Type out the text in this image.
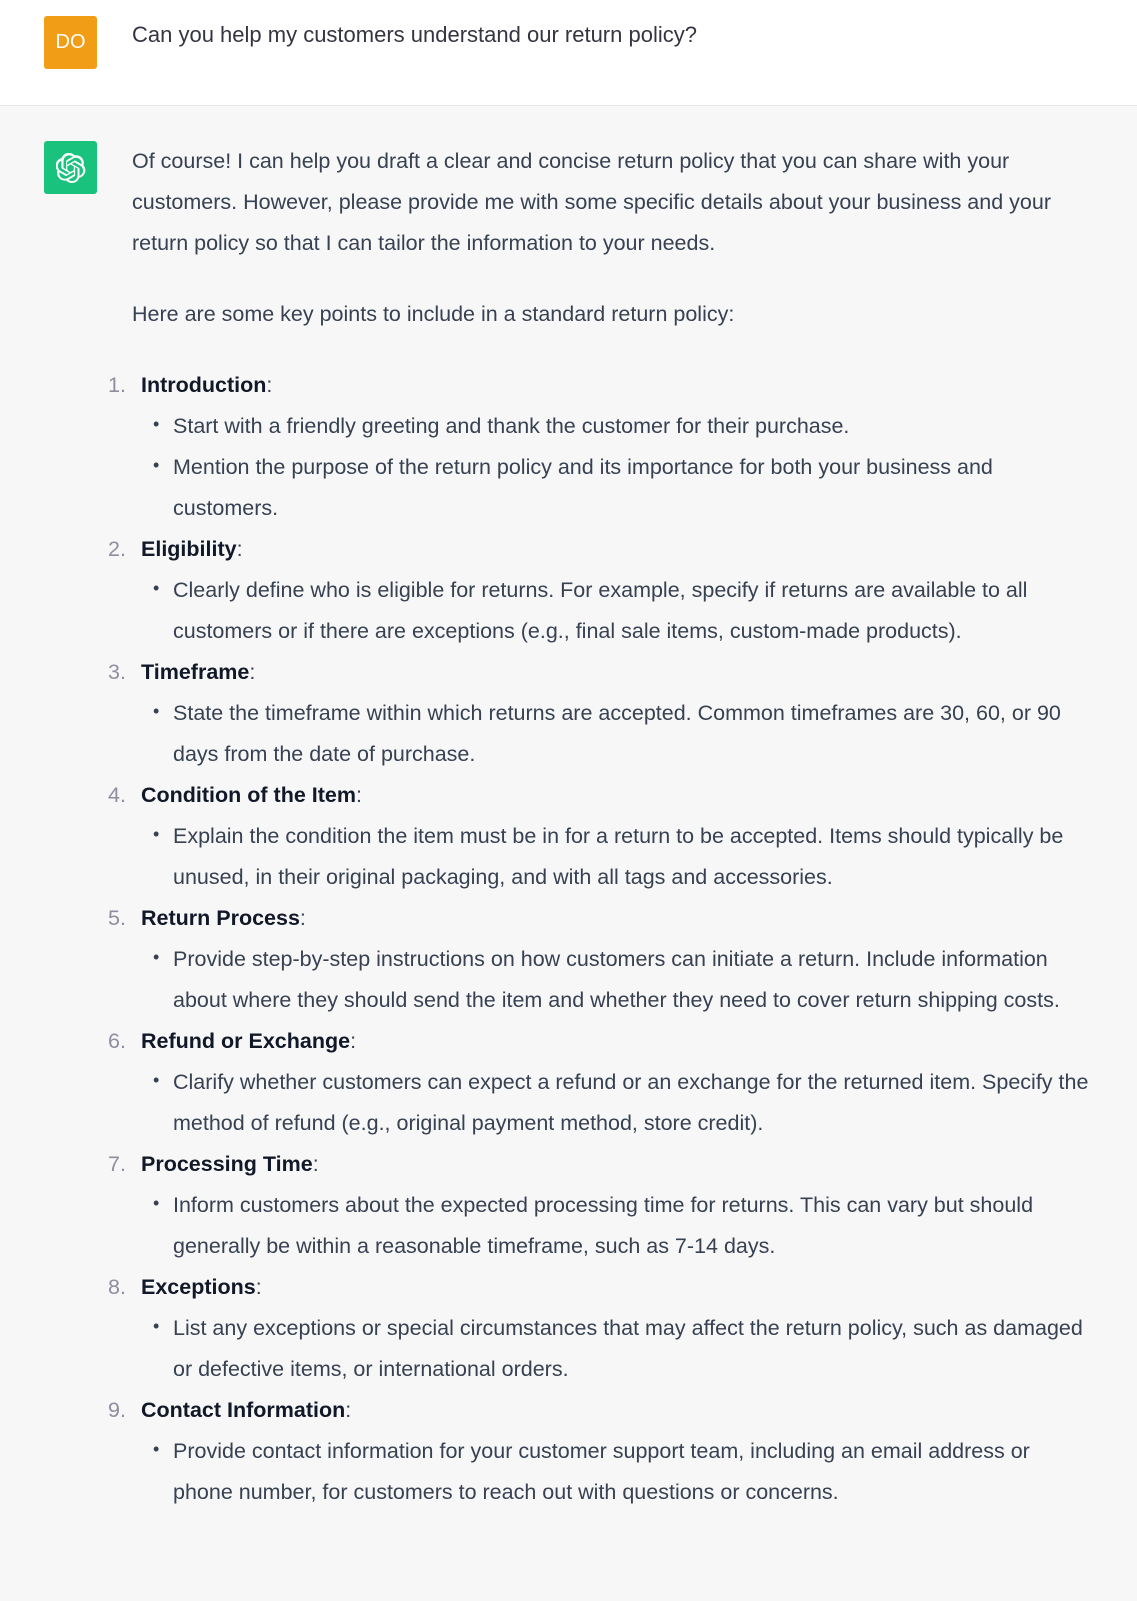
DO Can you help my customers understand our return policy?

Of course! I can help you draft a clear and concise return policy that you can share with your customers. However, please provide me with some specific details about your business and your return policy so that I can tailor the information to your needs.

Here are some key points to include in a standard return policy:

1. Introduction:
• Start with a friendly greeting and thank the customer for their purchase.
• Mention the purpose of the return policy and its importance for both your business and customers.
2. Eligibility:
• Clearly define who is eligible for returns. For example, specify if returns are available to all customers or if there are exceptions (e.g., final sale items, custom-made products).
3. Timeframe:
• State the timeframe within which returns are accepted. Common timeframes are 30, 60, or 90 days from the date of purchase.
4. Condition of the Item:
• Explain the condition the item must be in for a return to be accepted. Items should typically be unused, in their original packaging, and with all tags and accessories.
5. Return Process:
• Provide step-by-step instructions on how customers can initiate a return. Include information about where they should send the item and whether they need to cover return shipping costs.
6. Refund or Exchange:
• Clarify whether customers can expect a refund or an exchange for the returned item. Specify the method of refund (e.g., original payment method, store credit).
7. Processing Time:
• Inform customers about the expected processing time for returns. This can vary but should generally be within a reasonable timeframe, such as 7-14 days.
8. Exceptions:
• List any exceptions or special circumstances that may affect the return policy, such as damaged or defective items, or international orders.
9. Contact Information:
• Provide contact information for your customer support team, including an email address or phone number, for customers to reach out with questions or concerns.
